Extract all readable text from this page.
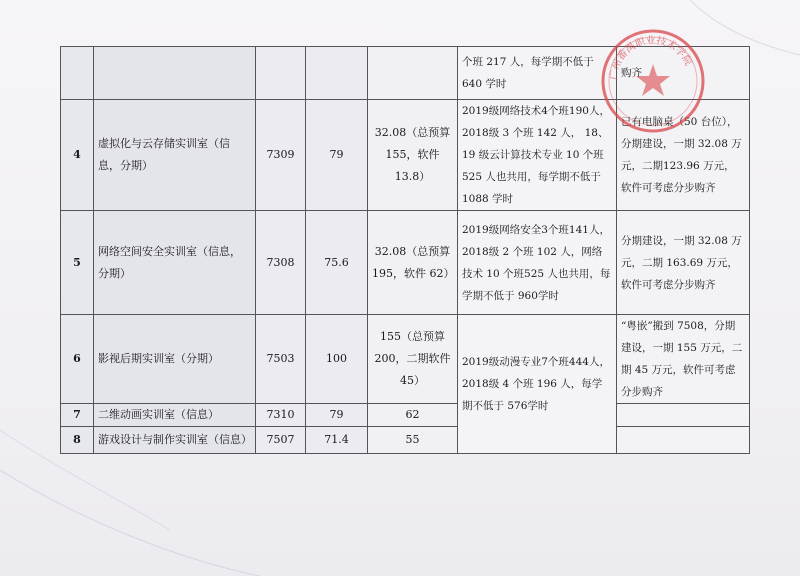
					个班 217 人，每学期不低于 640 学时	购齐
4	虚拟化与云存储实训室（信息，分期）	7309	79	32.08（总预算155，软件 13.8）	2019级网络技术4个班190人，2018级 3 个班 142 人， 18、19 级云计算技术专业 10 个班 525 人也共用，每学期不低于 1088 学时	已有电脑桌（50 台位），分期建设，一期 32.08 万元，二期123.96 万元，软件可考虑分步购齐
5	网络空间安全实训室（信息，分期）	7308	75.6	32.08（总预算195，软件 62）	2019级网络安全3个班141人，2018级 2 个班 102 人，网络技术 10 个班525 人也共用，每学期不低于 960学时	分期建设，一期 32.08 万元，二期 163.69 万元，软件可考虑分步购齐
6	影视后期实训室（分期）	7503	100	155（总预算 200，二期软件 45）	2019级动漫专业7个班444人，2018级 4 个班 196 人，每学期不低于 576学时	“粤嵌”搬到 7508，分期建设，一期 155 万元，二期 45 万元，软件可考虑分步购齐
7	二维动画实训室（信息）	7310	79	62		
8	游戏设计与制作实训室（信息）	7507	71.4	55		
广州番禺职业技术学院
